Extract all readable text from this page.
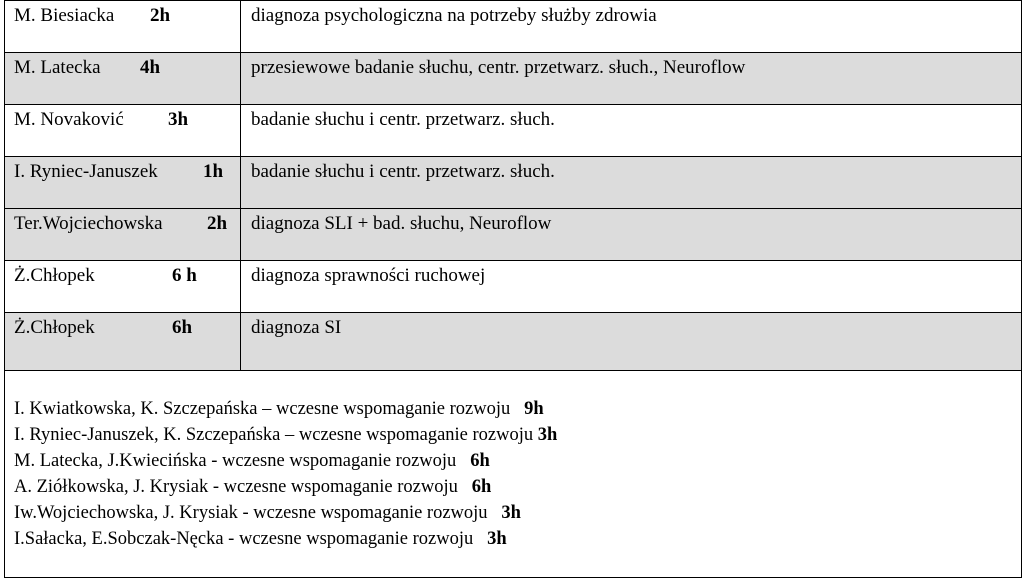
M. Biesiacka 2h	diagnoza psychologiczna na potrzeby służby zdrowia
M. Latecka 4h	przesiewowe badanie słuchu, centr. przetwarz. słuch., Neuroflow
M. Novaković 3h	badanie słuchu i centr. przetwarz. słuch.
I. Ryniec-Januszek 1h badanie słuchu i centr. przetwarz. słuch.
Ter.Wojciechowska 2h diagnoza SLI + bad. słuchu, Neuroflow
Ż.Chłopek	6 h	diagnoza sprawności ruchowej
Ż.Chłopek	6h	diagnoza SI
I. Kwiatkowska, K. Szczepańska – wczesne wspomaganie rozwoju 9h
I. Ryniec-Januszek, K. Szczepańska – wczesne wspomaganie rozwoju 3h
M. Latecka, J.Kwiecińska - wczesne wspomaganie rozwoju 6h
A. Ziółkowska, J. Krysiak - wczesne wspomaganie rozwoju 6h
Iw.Wojciechowska, J. Krysiak - wczesne wspomaganie rozwoju 3h
I.Sałacka, E.Sobczak-Nęcka - wczesne wspomaganie rozwoju 3h
